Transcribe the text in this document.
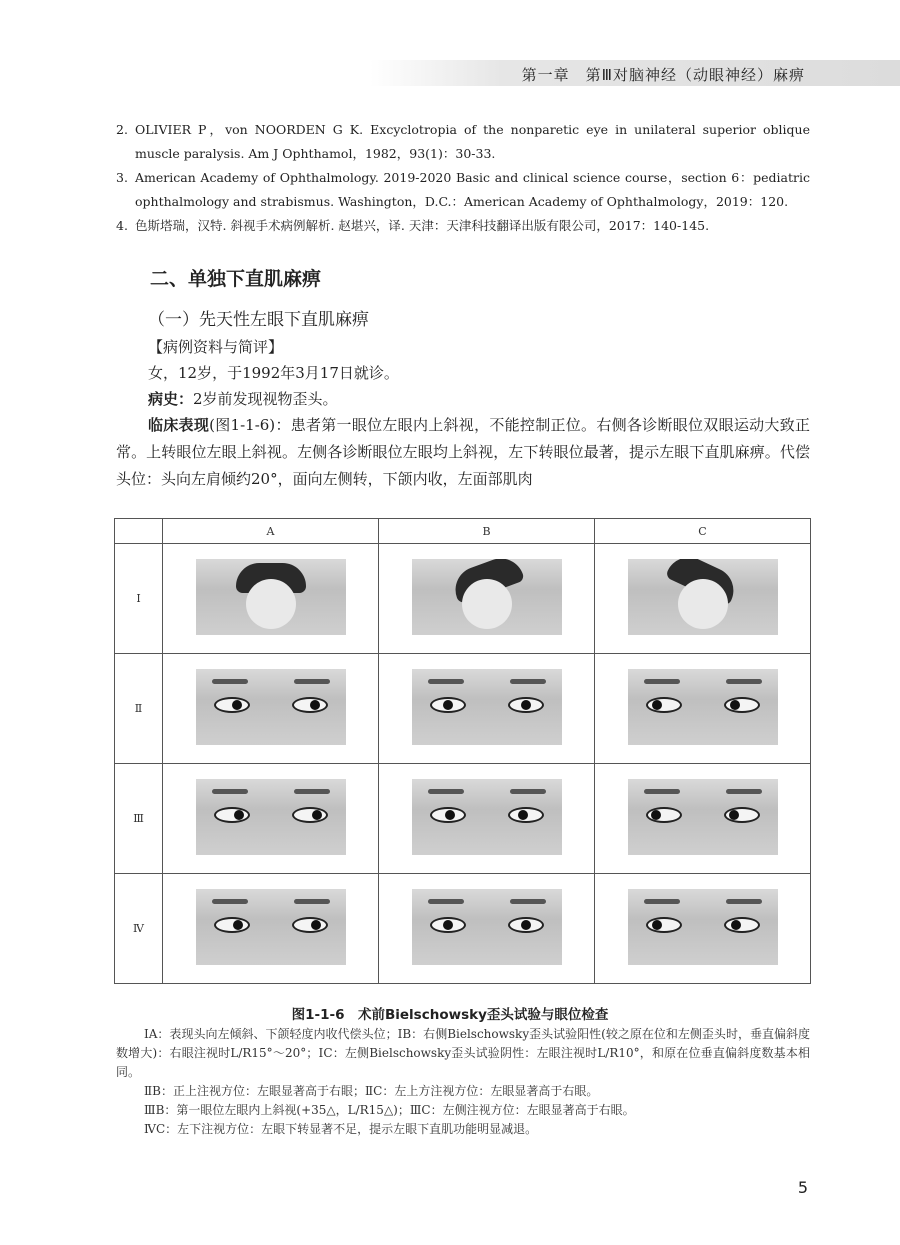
第一章　第Ⅲ对脑神经（动眼神经）麻痹
2. OLIVIER P，von NOORDEN G K. Excyclotropia of the nonparetic eye in unilateral superior oblique muscle paralysis. Am J Ophthamol，1982，93(1)：30-33.
3. American Academy of Ophthalmology. 2019-2020 Basic and clinical science course，section 6：pediatric ophthalmology and strabismus. Washington，D.C.：American Academy of Ophthalmology，2019：120.
4. 色斯塔瑞，汉特. 斜视手术病例解析. 赵堪兴，译. 天津：天津科技翻译出版有限公司，2017：140-145.
二、单独下直肌麻痹
（一）先天性左眼下直肌麻痹
【病例资料与简评】

女，12岁，于1992年3月17日就诊。

病史：2岁前发现视物歪头。

临床表现(图1-1-6)：患者第一眼位左眼内上斜视，不能控制正位。右侧各诊断眼位双眼运动大致正常。上转眼位左眼上斜视。左侧各诊断眼位左眼均上斜视，左下转眼位最著，提示左眼下直肌麻痹。代偿头位：头向左肩倾约20°，面向左侧转，下颌内收，左面部肌肉

	A	B	C
Ⅰ	

Ⅱ	

Ⅲ	

Ⅳ	

图1-1-6　术前Bielschowsky歪头试验与眼位检查

ⅠA：表现头向左倾斜、下颌轻度内收代偿头位；ⅠB：右侧Bielschowsky歪头试验阳性(较之原在位和左侧歪头时，垂直偏斜度数增大)：右眼注视时L/R15°～20°；ⅠC：左侧Bielschowsky歪头试验阴性：左眼注视时L/R10°，和原在位垂直偏斜度数基本相同。

ⅡB：正上注视方位：左眼显著高于右眼；ⅡC：左上方注视方位：左眼显著高于右眼。

ⅢB：第一眼位左眼内上斜视(+35△，L/R15△)；ⅢC：左侧注视方位：左眼显著高于右眼。

ⅣC：左下注视方位：左眼下转显著不足，提示左眼下直肌功能明显减退。

5
